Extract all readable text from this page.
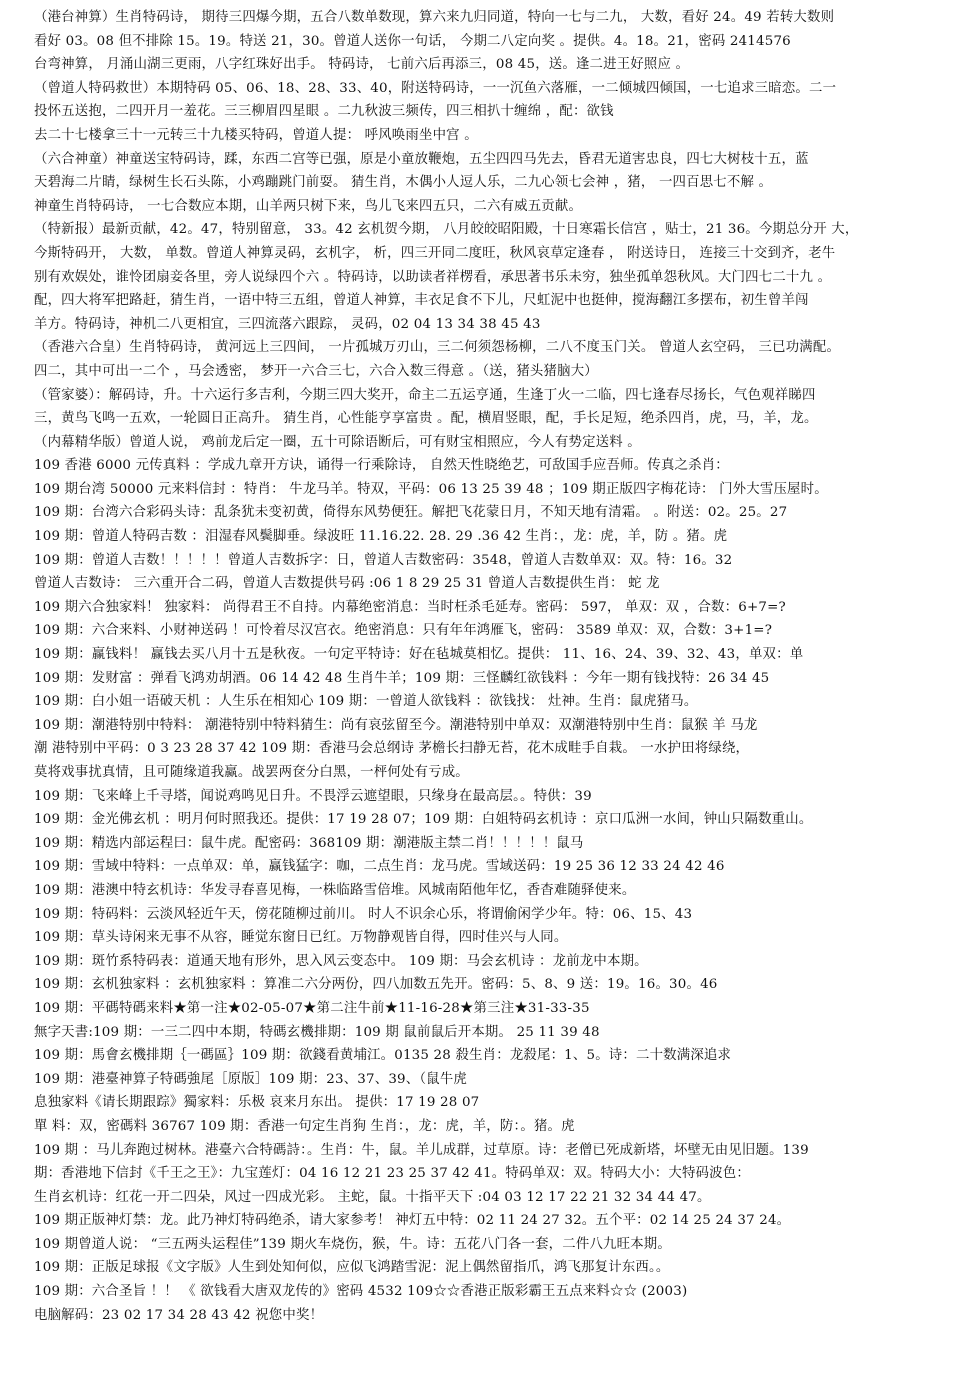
（港台神算）生肖特码诗， 期待三四爆今期，五合八数单数现，算六来九归同道，特向一七与二九， 大数，看好 24。49 若转大数则
看好 03。08 但不排除 15。19。特送 21，30。曾道人送你一句话， 今期二八定向奖 。提供。4。18。21，密码 2414576
台弯神算， 月涌山湖三更雨，八字红珠好出手。 特码诗， 七前六后再添三，08 45，送。逢二进王好照应 。
（曾道人特码救世）本期特码 05、06、18、28、33、40，附送特码诗，一一沉鱼六落雁，一二倾城四倾国，一七追求三暗恋。二一
投怀五送抱，二四开月一羞花。三三柳眉四星眼 。二九秋波三频传，四三相扒十缠绵 ，配：欲钱
去二十七楼拿三十一元转三十九楼买特码，曾道人提： 呼风唤雨坐中宫 。
（六合神童）神童送宝特码诗，蹂，东西二宫等已强，原是小童放鞭炮，五尘四四马先去，昏君无道害忠良，四七大树枝十五，蓝
天碧海二片睛，绿树生长石头陈，小鸡蹦跳门前耍。 猜生肖，木偶小人逗人乐，二九心领七会神 ，猪， 一四百思七不解 。
神童生肖特码诗， 一七合数应本期，山羊两只树下来，鸟儿飞来四五只，二六有威五贡献。
（特新报）最新贡献，42。47，特别留意， 33。42 玄机贺今期， 八月皎皎昭阳殿，十日寒霜长信宫 ，贴士，21 36。今期总分开 大，
今斯特码开， 大数， 单数。曾道人神算灵码，玄机字， 析，四三开同二度旺，秋风哀草定逢春 ， 附送诗日， 连接三十交到齐，老牛
别有欢娱处，谁怜团扇妾各里，旁人说绿四个六 。特码诗，以助读者祥楞看，承思著书乐未穷，独坐孤单怨秋风。大门四七二十九 。
配，四大将军把路赶，猜生肖，一语中特三五组，曾道人神算，丰衣足食不下儿，尺虹泥中也挺伸，搅海翻江多摆布，初生曾羊闯
羊方。特码诗，神机二八更相宜，三四流落六跟踪， 灵码，02 04 13 34 38 45 43
（香港六合皇）生肖特码诗， 黄河远上三四间， 一片孤城万刃山，三二何须怨杨柳，二八不度玉门关。 曾道人玄空码， 三已功满配。
四二，其中可出一二个 ，马会透密， 梦开一六合三七，六合入数三得意 。（送，猪头猪脑大）
（管家婆）：解码诗，升。十六运行多吉利，今期三四大奖开，命主二五运亨通，生逢丁火一二临，四七逢春尽扬长，气色观祥睇四
三，黄鸟飞鸣一五欢，一轮圆日正高升。 猜生肖，心性能亨享富贵 。配，横眉竖眼，配，手长足短，绝杀四肖，虎，马，羊，龙。
（内幕精华版）曾道人说， 鸡前龙后定一圈，五十可除语断后，可有财宝相照应，今人有势定送料 。
109 香港 6000 元传真料 ：学成九章开方诀，诵得一行乘除诗， 自然天性晓绝艺，可敌国手应吾师。传真之杀肖：
109 期台湾 50000 元来料信封 ：特肖： 牛龙马羊。特双，平码：06 13 25 39 48 ；109 期正版四字梅花诗： 门外大雪压屋时。
109 期：台湾六合彩码头诗：乱条犹未变初黄，倚得东风势便狂。解把飞花蒙日月，不知天地有清霜。 。附送：02。25。27
109 期：曾道人特码吉数 ：泪湿春风鬓脚垂。绿波旺 11.16.22. 28. 29 .36 42 生肖：，龙：虎，羊，防 。猪。虎
109 期：曾道人吉数！！！！！曾道人吉数拆字：日，曾道人吉数密码：3548，曾道人吉数单双：双。特：16。32
曾道人吉数诗： 三六重开合二码，曾道人吉数提供号码 :06 1 8 29 25 31 曾道人吉数提供生肖： 蛇 龙
109 期六合独家料！ 独家料： 尚得君王不自持。内幕绝密消息：当时枉杀毛延寿。密码： 597， 单双：双 ，合数：6+7=?
109 期：六合来料、小财神送码 ！可怜着尽汉宫衣。绝密消息：只有年年鸿雁飞，密码： 3589 单双：双，合数：3+1=?
109 期：赢钱料！ 赢钱去买八月十五是秋夜。一句定平特诗：好在毡城莫相忆。提供： 11、16、24、39、32、43，单双：单
109 期：发财富 ：弹看飞鸿劝胡酒。06 14 42 48 生肖牛羊；109 期：三怪麟红欲钱料 ：今年一期有钱找特：26 34 45
109 期：白小姐一语破天机 ：人生乐在相知心 109 期：一曾道人欲钱料 ：欲钱找： 灶神。生肖：鼠虎猪马。
109 期：潮港特别中特料： 潮港特别中特料猜生：尚有哀弦留至今。潮港特别中单双：双潮港特别中生肖：鼠猴 羊 马龙
潮 港特别中平码：0 3 23 28 37 42 109 期：香港马会总纲诗 茅檐长扫静无苔，花木成畦手自栽。 一水护田将绿绕，
莫将戏事扰真情，且可随缘道我赢。战罢两奁分白黑，一枰何处有亏成。
109 期：飞来峰上千寻塔，闻说鸡鸣见日升。不畏浮云遮望眼，只缘身在最高层。。特供：39
109 期：金光佛玄机 ：明月何时照我还。提供：17 19 28 07；109 期：白姐特码玄机诗 ：京口瓜洲一水间，钟山只隔数重山。
109 期：精选内部运程曰：鼠牛虎。配密码：368109 期：潮港版主禁二肖！！！！！鼠马
109 期：雪域中特料：一点单双：单，赢钱猛字：咖，二点生肖：龙马虎。雪域送码：19 25 36 12 33 24 42 46
109 期：港澳中特玄机诗：华发寻春喜见梅，一株临路雪倍堆。风城南陌他年忆，香杳难随驿使来。
109 期：特码料：云淡风轻近午天，傍花随柳过前川。 时人不识余心乐，将谓偷闲学少年。特：06、15、43
109 期：草头诗闲来无事不从容，睡觉东窗日已红。万物静观皆自得，四时佳兴与人同。
109 期：斑竹系特码表：道通天地有形外，思入风云变态中。 109 期：马会玄机诗 ：龙前龙中本期。
109 期：玄机独家料 ：玄机独家料 ：算准二六分两份，四八加数五先开。密码：5、8、9 送：19。16。30。46
109 期：平碼特碼来料★第一注★02-05-07★第二注牛前★11-16-28★第三注★31-33-35
無字天書:109 期：一三二四中本期，特碼玄機排期：109 期 鼠前鼠后开本期。 25 11 39 48
109 期：馬會玄機排期｛一碼區｝109 期：欲錢看黄埔江。0135 28 殺生肖：龙殺尾：1、5。诗：二十数满深追求
109 期：港臺神算子特碼強尾［原版］109 期：23、37、39、（鼠牛虎
息独家料《请长期跟踪》獨家料：乐极 哀来月东出。 提供：17 19 28 07
單 料：双，密碼料 36767 109 期：香港一句定生肖狗 生肖：，龙：虎，羊，防：。猪。虎
109 期 ：马儿奔跑过树林。港臺六合特碼詩：。生肖：牛，鼠。羊儿成群，过草原。诗：老僧已死成新塔，坏壁无由见旧题。139
期：香港地下信封《千王之王》：九宝莲灯：04 16 12 21 23 25 37 42 41。特码单双：双。特码大小：大特码波色：
生肖玄机诗：红花一开二四朵，风过一四成光彩。 主蛇，鼠。十指平天下 :04 03 12 17 22 21 32 34 44 47。
109 期正版神灯禁：龙。此乃神灯特码绝杀，请大家参考！ 神灯五中特：02 11 24 27 32。五个平：02 14 25 24 37 24。
109 期曾道人说： “三五两头运程佳”139 期火车烧伤，猴，牛。诗：五花八门各一套，二件八九旺本期。
109 期：正版足球报《文字版》人生到处知何似，应似飞鸿踏雪泥：泥上偶然留指爪，鸿飞那复计东西。。
109 期：六合圣旨 ！！ 《 欲钱看大唐双龙传的》密码 4532 109☆☆香港正版彩霸王五点来料☆☆ (2003)
电脑解码：23 02 17 34 28 43 42 祝您中奖！
